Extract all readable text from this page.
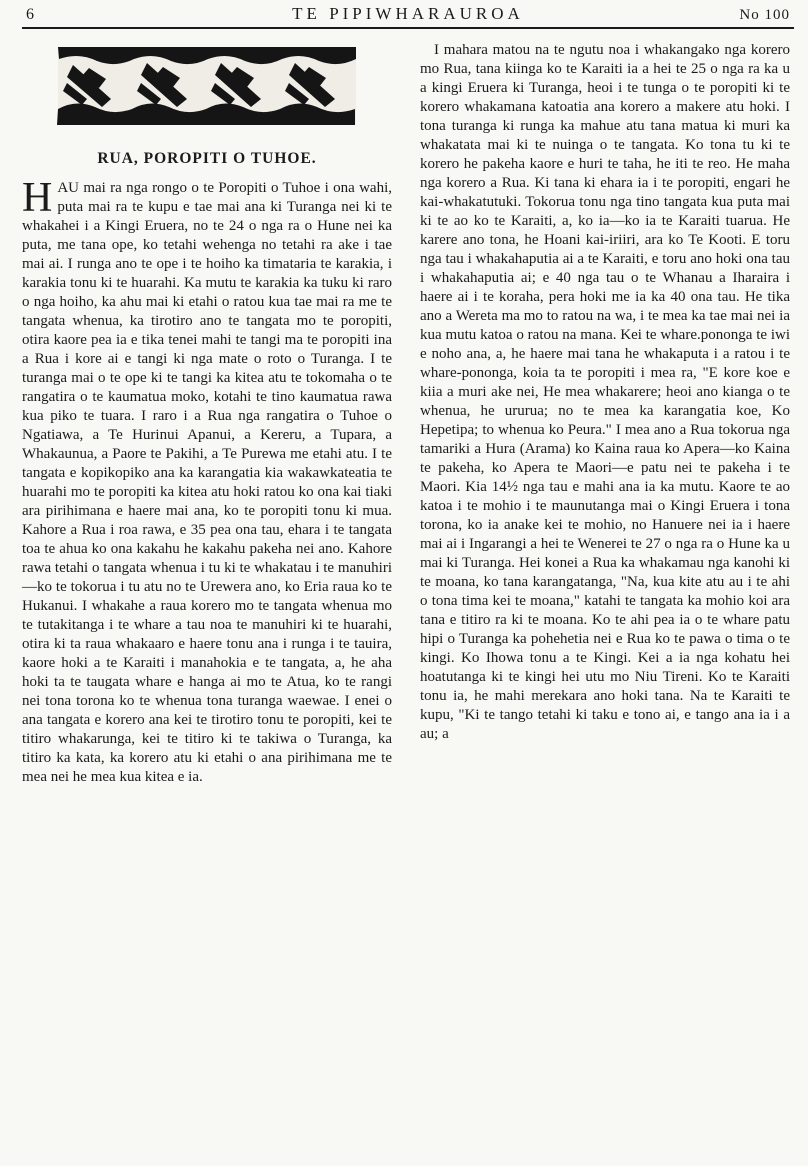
6	TE PIPIWHARAUROA	No 100
RUA, POROPITI O TUHOE.

HAU mai ra nga rongo o te Poropiti o Tuhoe i ona wahi, puta mai ra te kupu e tae mai ana ki Turanga nei ki te whakahei i a Kingi Eruera, no te 24 o nga ra o Hune nei ka puta, me tana ope, ko tetahi wehenga no tetahi ra ake i tae mai ai. I runga ano te ope i te hoiho ka timataria te karakia, i karakia tonu ki te huarahi. Ka mutu te karakia ka tuku ki raro o nga hoiho, ka ahu mai ki etahi o ratou kua tae mai ra me te tangata whenua, ka tirotiro ano te tangata mo te poropiti, otira kaore pea ia e tika tenei mahi te tangi ma te poropiti ina a Rua i kore ai e tangi ki nga mate o roto o Turanga. I te turanga mai o te ope ki te tangi ka kitea atu te tokomaha o te rangatira o te kaumatua moko, kotahi te tino kaumatua rawa kua piko te tuara. I raro i a Rua nga rangatira o Tuhoe o Ngatiawa, a Te Hurinui Apanui, a Kereru, a Tupara, a Whakaunua, a Paore te Pakihi, a Te Purewa me etahi atu. I te tangata e kopikopiko ana ka karangatia kia wakawkateatia te huarahi mo te poropiti ka kitea atu hoki ratou ko ona kai tiaki ara pirihimana e haere mai ana, ko te poropiti tonu ki mua. Kahore a Rua i roa rawa, e 35 pea ona tau, ehara i te tangata toa te ahua ko ona kakahu he kakahu pakeha nei ano. Kahore rawa tetahi o tangata whenua i tu ki te whakatau i te manuhiri—ko te tokorua i tu atu no te Urewera ano, ko Eria raua ko te Hukanui. I whakahe a raua korero mo te tangata whenua mo te tutakitanga i te whare a tau noa te manuhiri ki te huarahi, otira ki ta raua whakaaro e haere tonu ana i runga i te tauira, kaore hoki a te Karaiti i manahokia e te tangata, a, he aha hoki ta te taugata whare e hanga ai mo te Atua, ko te rangi nei tona torona ko te whenua tona turanga waewae. I enei o ana tangata e korero ana kei te tirotiro tonu te poropiti, kei te titiro whakarunga, kei te titiro ki te takiwa o Turanga, ka titiro ka kata, ka korero atu ki etahi o ana pirihimana me te mea nei he mea kua kitea e ia.

I mahara matou na te ngutu noa i whakangako nga korero mo Rua, tana kiinga ko te Karaiti ia a hei te 25 o nga ra ka u a kingi Eruera ki Turanga, heoi i te tunga o te poropiti ki te korero whakamana katoatia ana korero a makere atu hoki. I tona turanga ki runga ka mahue atu tana matua ki muri ka whakatata mai ki te nuinga o te tangata. Ko tona tu ki te korero he pakeha kaore e huri te taha, he iti te reo. He maha nga korero a Rua. Ki tana ki ehara ia i te poropiti, engari he kai-whakatutuki. Tokorua tonu nga tino tangata kua puta mai ki te ao ko te Karaiti, a, ko ia—ko ia te Karaiti tuarua. He karere ano tona, he Hoani kai-iriiri, ara ko Te Kooti. E toru nga tau i whakahaputia ai a te Karaiti, e toru ano hoki ona tau i whakahaputia ai; e 40 nga tau o te Whanau a Iharaira i haere ai i te koraha, pera hoki me ia ka 40 ona tau. He tika ano a Wereta ma mo to ratou na wa, i te mea ka tae mai nei ia kua mutu katoa o ratou na mana. Kei te whare.pononga te iwi e noho ana, a, he haere mai tana he whakaputa i a ratou i te whare-pononga, koia ta te poropiti i mea ra, "E kore koe e kiia a muri ake nei, He mea whakarere; heoi ano kianga o te whenua, he ururua; no te mea ka karangatia koe, Ko Hepetipa; to whenua ko Peura." I mea ano a Rua tokorua nga tamariki a Hura (Arama) ko Kaina raua ko Apera—ko Kaina te pakeha, ko Apera te Maori—e patu nei te pakeha i te Maori. Kia 14½ nga tau e mahi ana ia ka mutu. Kaore te ao katoa i te mohio i te maunutanga mai o Kingi Eruera i tona torona, ko ia anake kei te mohio, no Hanuere nei ia i haere mai ai i Ingarangi a hei te Wenerei te 27 o nga ra o Hune ka u mai ki Turanga. Hei konei a Rua ka whakamau nga kanohi ki te moana, ko tana karangatanga, "Na, kua kite atu au i te ahi o tona tima kei te moana," katahi te tangata ka mohio koi ara tana e titiro ra ki te moana. Ko te ahi pea ia o te whare patu hipi o Turanga ka pohehetia nei e Rua ko te pawa o tima o te kingi. Ko Ihowa tonu a te Kingi. Kei a ia nga kohatu hei hoatutanga ki te kingi hei utu mo Niu Tireni. Ko te Karaiti tonu ia, he mahi merekara ano hoki tana. Na te Karaiti te kupu, "Ki te tango tetahi ki taku e tono ai, e tango ana ia i a au; a
